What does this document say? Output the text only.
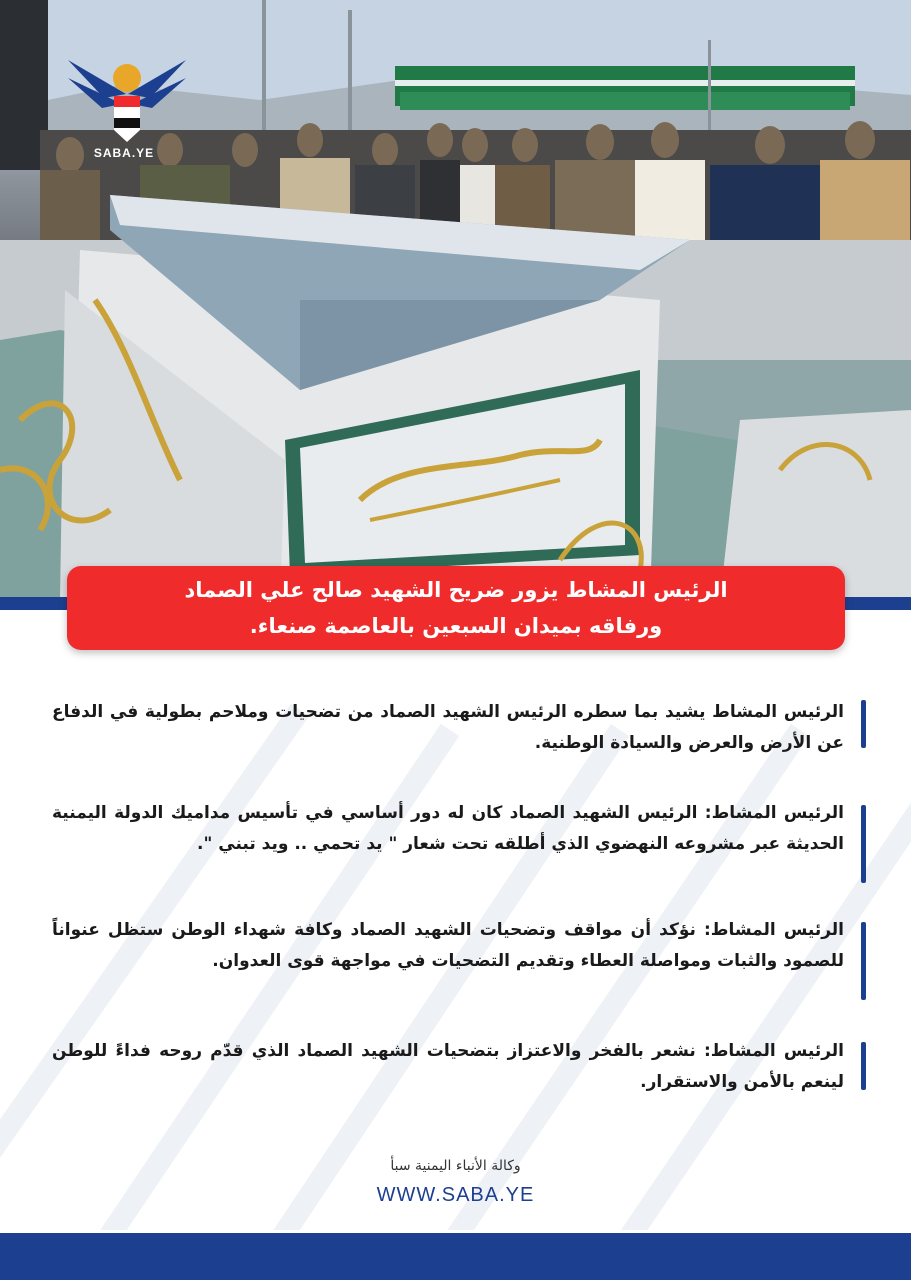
SABA.YE
الرئيس المشاط يزور ضريح الشهيد صالح علي الصماد
ورفاقه بميدان السبعين بالعاصمة صنعاء.
الرئيس المشاط يشيد بما سطره الرئيس الشهيد الصماد من تضحيات وملاحم بطولية في الدفاع عن الأرض والعرض والسيادة الوطنية.
الرئيس المشاط: الرئيس الشهيد الصماد كان له دور أساسي في تأسيس مداميك الدولة اليمنية الحديثة عبر مشروعه النهضوي الذي أطلقه تحت شعار " يد تحمي .. ويد تبني ".
الرئيس المشاط: نؤكد أن مواقف وتضحيات الشهيد الصماد وكافة شهداء الوطن ستظل عنواناً للصمود والثبات ومواصلة العطاء وتقديم التضحيات في مواجهة قوى العدوان.
الرئيس المشاط: نشعر بالفخر والاعتزاز بتضحيات الشهيد الصماد الذي قدّم روحه فداءً للوطن لينعم بالأمن والاستقرار.
وكالة الأنباء اليمنية سبأ
WWW.SABA.YE
